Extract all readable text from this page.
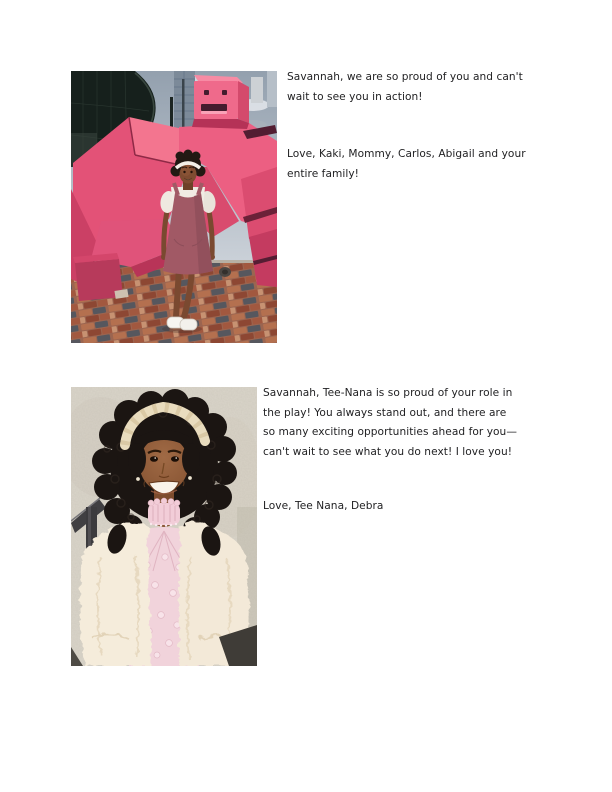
Savannah, we are so proud of you and can't
wait to see you in action!
Love, Kaki, Mommy, Carlos, Abigail and your
entire family!
Savannah, Tee-Nana is so proud of your role in
the play! You always stand out, and there are
so many exciting opportunities ahead for you—
can't wait to see what you do next! I love you!
Love, Tee Nana, Debra
